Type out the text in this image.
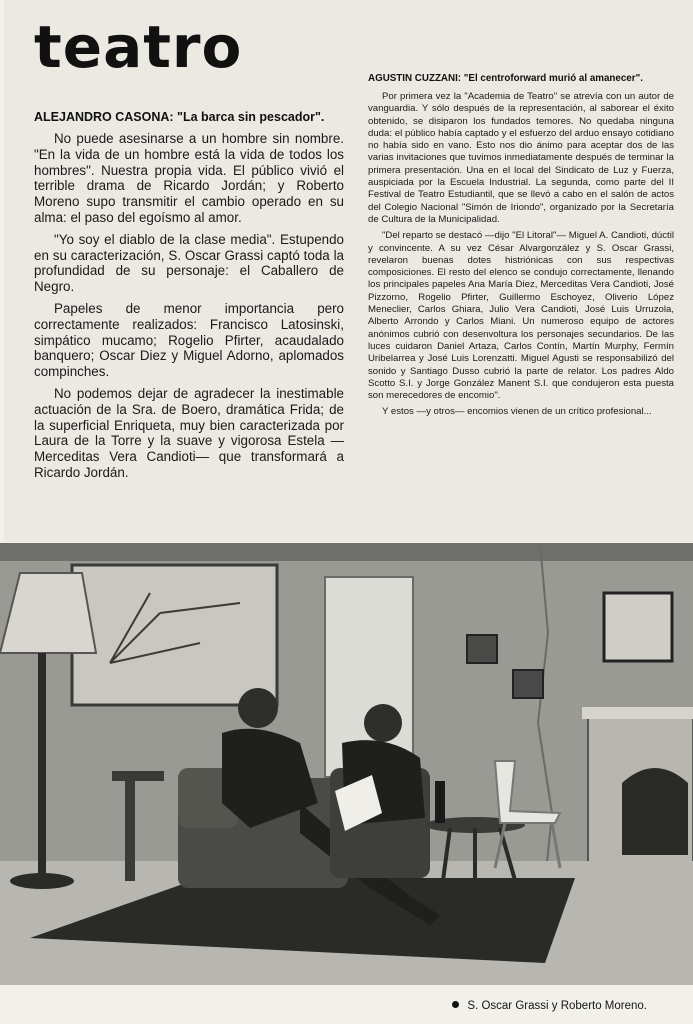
teatro
ALEJANDRO CASONA: "La barca sin pescador".

No puede asesinarse a un hombre sin nombre. "En la vida de un hombre está la vida de todos los hombres". Nuestra propia vida. El público vivió el terrible drama de Ricardo Jordán; y Roberto Moreno supo transmitir el cambio operado en su alma: el paso del egoísmo al amor.

"Yo soy el diablo de la clase media". Estupendo en su caracterización, S. Oscar Grassi captó toda la profundidad de su personaje: el Caballero de Negro.

Papeles de menor importancia pero correctamente realizados: Francisco Latosinski, simpático mucamo; Rogelio Pfirter, acaudalado banquero; Oscar Diez y Miguel Adorno, aplomados compinches.

No podemos dejar de agradecer la inestimable actuación de la Sra. de Boero, dramática Frida; de la superficial Enriqueta, muy bien caracterizada por Laura de la Torre y la suave y vigorosa Estela —Merceditas Vera Candioti— que transformará a Ricardo Jordán.

AGUSTIN CUZZANI: "El centroforward murió al amanecer".

Por primera vez la "Academia de Teatro" se atrevía con un autor de vanguardia. Y sólo después de la representación, al saborear el éxito obtenido, se disiparon los fundados temores. No quedaba ninguna duda: el público había captado y el esfuerzo del arduo ensayo cotidiano no había sido en vano. Esto nos dio ánimo para aceptar dos de las varias invitaciones que tuvimos inmediatamente después de terminar la primera presentación. Una en el local del Sindicato de Luz y Fuerza, auspiciada por la Escuela Industrial. La segunda, como parte del II Festival de Teatro Estudiantil, que se llevó a cabo en el salón de actos del Colegio Nacional "Simón de Iriondo", organizado por la Secretaría de Cultura de la Municipalidad.

"Del reparto se destacó —dijo "El Litoral"— Miguel A. Candioti, dúctil y convincente. A su vez César Alvargonzález y S. Oscar Grassi, revelaron buenas dotes histriónicas con sus respectivas composiciones. El resto del elenco se condujo correctamente, llenando los principales papeles Ana María Diez, Merceditas Vera Candioti, José Pizzorno, Rogelio Pfirter, Guillermo Eschoyez, Oliverio López Meneclier, Carlos Ghiara, Julio Vera Candioti, José Luis Urruzola, Alberto Arrondo y Carlos Miani. Un numeroso equipo de actores anónimos cubrió con desenvoltura los personajes secundarios. De las luces cuidaron Daniel Artaza, Carlos Contín, Martín Murphy, Fermín Uribelarrea y José Luis Lorenzatti. Miguel Agusti se responsabilizó del sonido y Santiago Dusso cubrió la parte de relator. Los padres Aldo Scotto S.I. y Jorge González Manent S.I. que condujeron esta puesta son merecedores de encomio".

Y estos —y otros— encomios vienen de un crítico profesional...

S. Oscar Grassi y Roberto Moreno.
